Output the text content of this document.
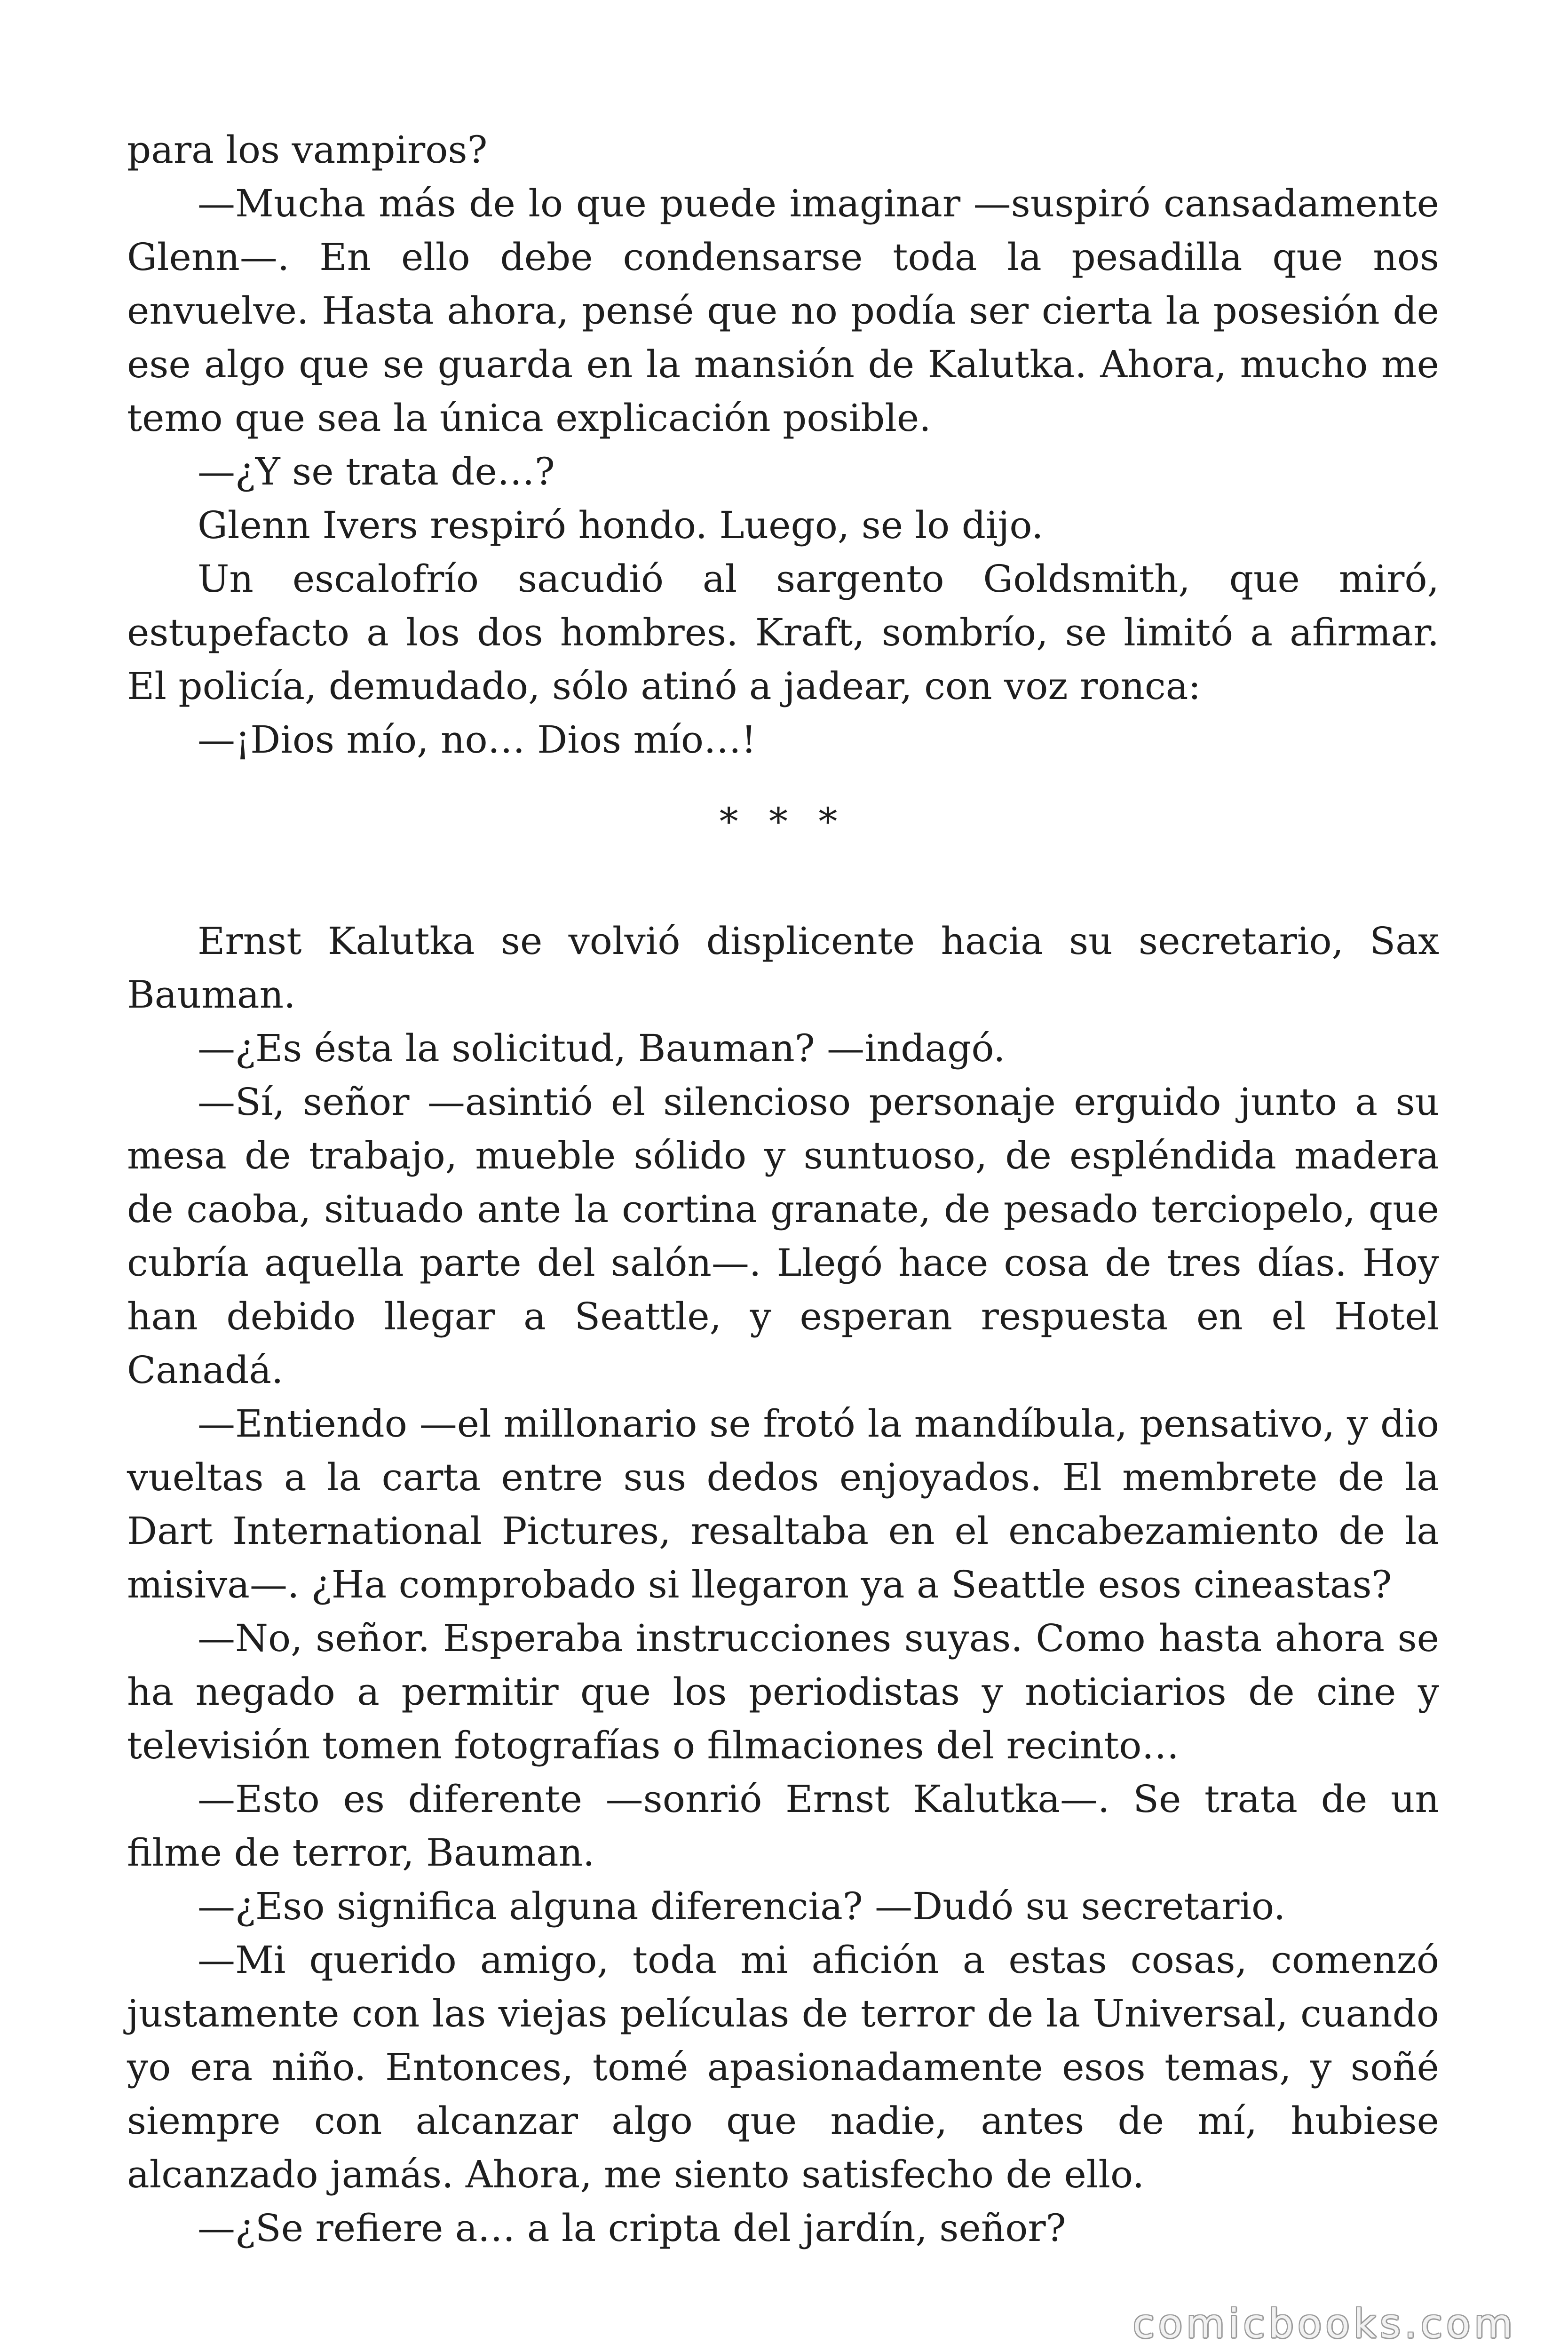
para los vampiros?

—Mucha más de lo que puede imaginar —suspiró cansadamente Glenn—. En ello debe condensarse toda la pesadilla que nos envuelve. Hasta ahora, pensé que no podía ser cierta la posesión de ese algo que se guarda en la mansión de Kalutka. Ahora, mucho me temo que sea la única explicación posible.

—¿Y se trata de…?

Glenn Ivers respiró hondo. Luego, se lo dijo.

Un escalofrío sacudió al sargento Goldsmith, que miró, estupefacto a los dos hombres. Kraft, sombrío, se limitó a afirmar. El policía, demudado, sólo atinó a jadear, con voz ronca:

—¡Dios mío, no… Dios mío…!

* * *

Ernst Kalutka se volvió displicente hacia su secretario, Sax Bauman.

—¿Es ésta la solicitud, Bauman? —indagó.

—Sí, señor —asintió el silencioso personaje erguido junto a su mesa de trabajo, mueble sólido y suntuoso, de espléndida madera de caoba, situado ante la cortina granate, de pesado terciopelo, que cubría aquella parte del salón—. Llegó hace cosa de tres días. Hoy han debido llegar a Seattle, y esperan respuesta en el Hotel Canadá.

—Entiendo —el millonario se frotó la mandíbula, pensativo, y dio vueltas a la carta entre sus dedos enjoyados. El membrete de la Dart International Pictures, resaltaba en el encabezamiento de la misiva—. ¿Ha comprobado si llegaron ya a Seattle esos cineastas?

—No, señor. Esperaba instrucciones suyas. Como hasta ahora se ha negado a permitir que los periodistas y noticiarios de cine y televisión tomen fotografías o filmaciones del recinto…

—Esto es diferente —sonrió Ernst Kalutka—. Se trata de un filme de terror, Bauman.

—¿Eso significa alguna diferencia? —Dudó su secretario.

—Mi querido amigo, toda mi afición a estas cosas, comenzó justamente con las viejas películas de terror de la Universal, cuando yo era niño. Entonces, tomé apasionadamente esos temas, y soñé siempre con alcanzar algo que nadie, antes de mí, hubiese alcanzado jamás. Ahora, me siento satisfecho de ello.

—¿Se refiere a… a la cripta del jardín, señor?

comicbooks.com
